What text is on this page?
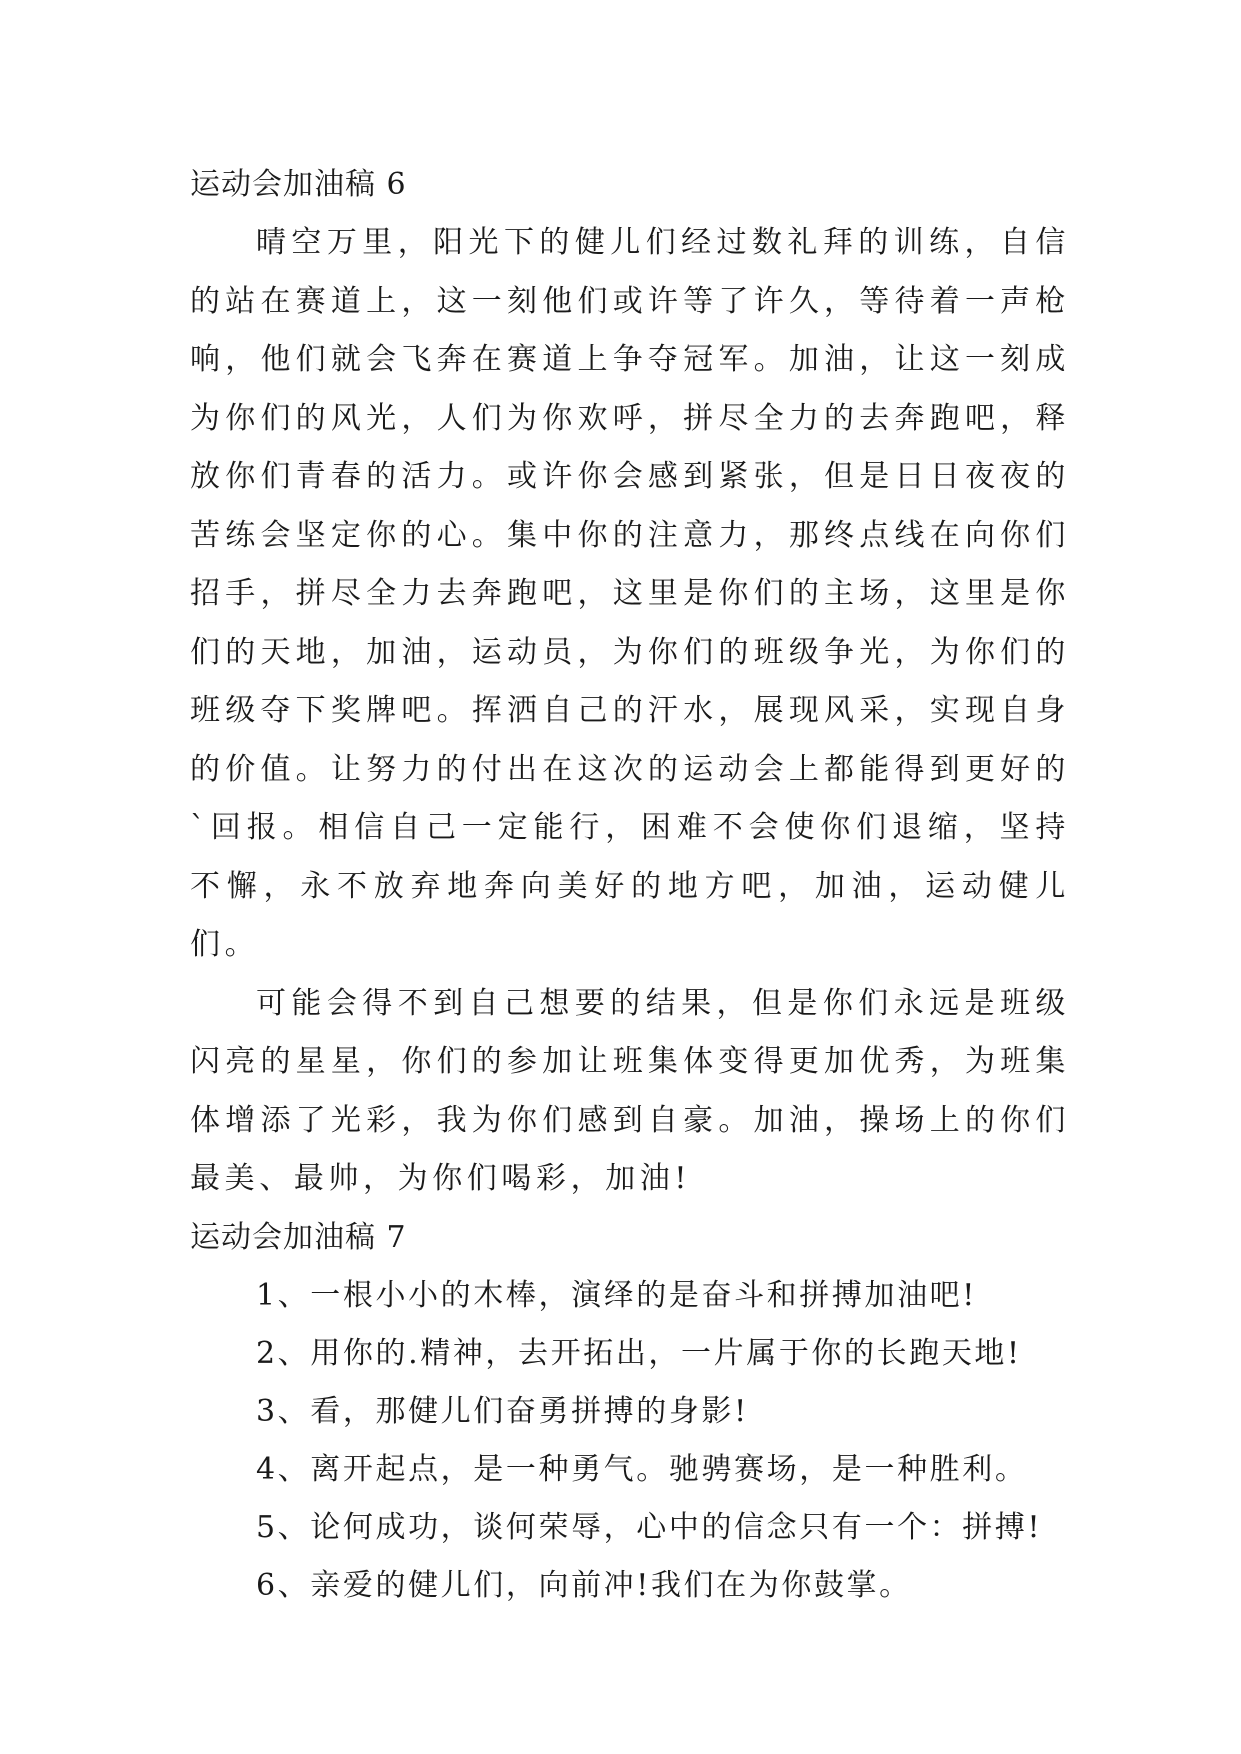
运动会加油稿 6

晴空万里，阳光下的健儿们经过数礼拜的训练，自信的站在赛道上，这一刻他们或许等了许久，等待着一声枪响，他们就会飞奔在赛道上争夺冠军。加油，让这一刻成为你们的风光，人们为你欢呼，拼尽全力的去奔跑吧，释放你们青春的活力。或许你会感到紧张，但是日日夜夜的苦练会坚定你的心。集中你的注意力，那终点线在向你们招手，拼尽全力去奔跑吧，这里是你们的主场，这里是你们的天地，加油，运动员，为你们的班级争光，为你们的班级夺下奖牌吧。挥洒自己的汗水，展现风采，实现自身的价值。让努力的付出在这次的运动会上都能得到更好的`回报。相信自己一定能行，困难不会使你们退缩，坚持不懈，永不放弃地奔向美好的地方吧，加油，运动健儿们。

可能会得不到自己想要的结果，但是你们永远是班级闪亮的星星，你们的参加让班集体变得更加优秀，为班集体增添了光彩，我为你们感到自豪。加油，操场上的你们最美、最帅，为你们喝彩，加油!

运动会加油稿 7
1、一根小小的木棒，演绎的是奋斗和拼搏加油吧!
2、用你的.精神，去开拓出，一片属于你的长跑天地!
3、看，那健儿们奋勇拼搏的身影!
4、离开起点，是一种勇气。驰骋赛场，是一种胜利。
5、论何成功，谈何荣辱，心中的信念只有一个：拼搏!
6、亲爱的健儿们，向前冲!我们在为你鼓掌。
